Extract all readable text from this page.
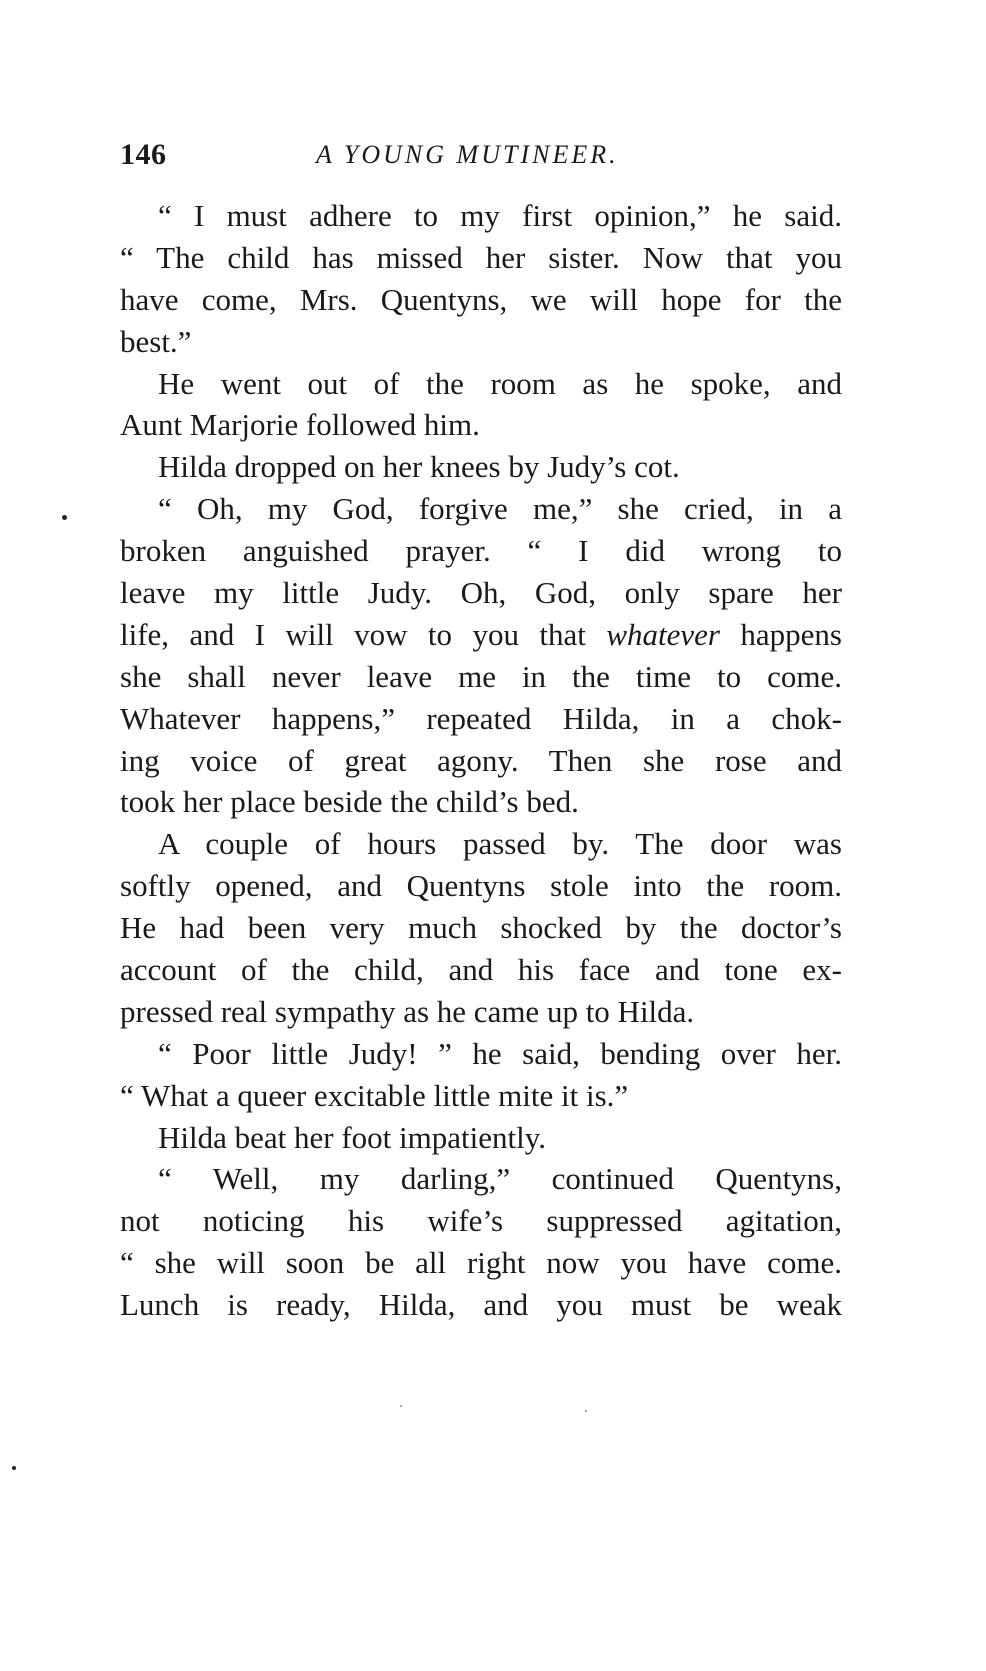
146	A YOUNG MUTINEER.
“ I must adhere to my first opinion,” he said.
“ The child has missed her sister. Now that you
have come, Mrs. Quentyns, we will hope for the
best.”
He went out of the room as he spoke, and
Aunt Marjorie followed him.
Hilda dropped on her knees by Judy’s cot.
“ Oh, my God, forgive me,” she cried, in a
broken anguished prayer. “ I did wrong to
leave my little Judy. Oh, God, only spare her
life, and I will vow to you that whatever happens
she shall never leave me in the time to come.
Whatever happens,” repeated Hilda, in a chok-
ing voice of great agony. Then she rose and
took her place beside the child’s bed.
A couple of hours passed by. The door was
softly opened, and Quentyns stole into the room.
He had been very much shocked by the doctor’s
account of the child, and his face and tone ex-
pressed real sympathy as he came up to Hilda.
“ Poor little Judy! ” he said, bending over her.
“ What a queer excitable little mite it is.”
Hilda beat her foot impatiently.
“ Well, my darling,” continued Quentyns,
not noticing his wife’s suppressed agitation,
“ she will soon be all right now you have come.
Lunch is ready, Hilda, and you must be weak
